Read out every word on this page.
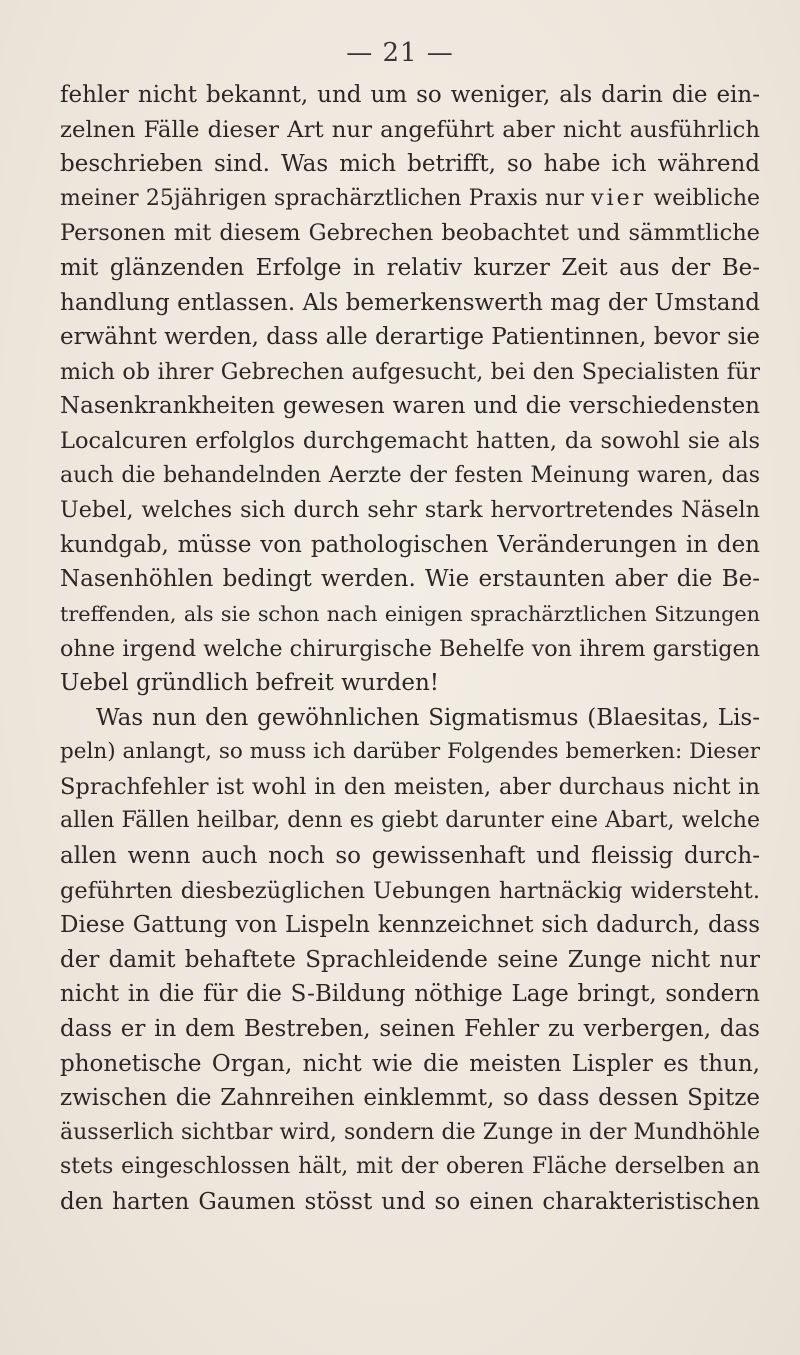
— 21 —
fehler nicht bekannt, und um so weniger, als darin die ein-
zelnen Fälle dieser Art nur angeführt aber nicht ausführlich
beschrieben sind. Was mich betrifft, so habe ich während
meiner 25jährigen sprachärztlichen Praxis nur vier weibliche
Personen mit diesem Gebrechen beobachtet und sämmtliche
mit glänzenden Erfolge in relativ kurzer Zeit aus der Be-
handlung entlassen. Als bemerkenswerth mag der Umstand
erwähnt werden, dass alle derartige Patientinnen, bevor sie
mich ob ihrer Gebrechen aufgesucht, bei den Specialisten für
Nasenkrankheiten gewesen waren und die verschiedensten
Localcuren erfolglos durchgemacht hatten, da sowohl sie als
auch die behandelnden Aerzte der festen Meinung waren, das
Uebel, welches sich durch sehr stark hervortretendes Näseln
kundgab, müsse von pathologischen Veränderungen in den
Nasenhöhlen bedingt werden. Wie erstaunten aber die Be-
treffenden, als sie schon nach einigen sprachärztlichen Sitzungen
ohne irgend welche chirurgische Behelfe von ihrem garstigen
Uebel gründlich befreit wurden!
Was nun den gewöhnlichen Sigmatismus (Blaesitas, Lis-
peln) anlangt, so muss ich darüber Folgendes bemerken: Dieser
Sprachfehler ist wohl in den meisten, aber durchaus nicht in
allen Fällen heilbar, denn es giebt darunter eine Abart, welche
allen wenn auch noch so gewissenhaft und fleissig durch-
geführten diesbezüglichen Uebungen hartnäckig widersteht.
Diese Gattung von Lispeln kennzeichnet sich dadurch, dass
der damit behaftete Sprachleidende seine Zunge nicht nur
nicht in die für die S-Bildung nöthige Lage bringt, sondern
dass er in dem Bestreben, seinen Fehler zu verbergen, das
phonetische Organ, nicht wie die meisten Lispler es thun,
zwischen die Zahnreihen einklemmt, so dass dessen Spitze
äusserlich sichtbar wird, sondern die Zunge in der Mundhöhle
stets eingeschlossen hält, mit der oberen Fläche derselben an
den harten Gaumen stösst und so einen charakteristischen
